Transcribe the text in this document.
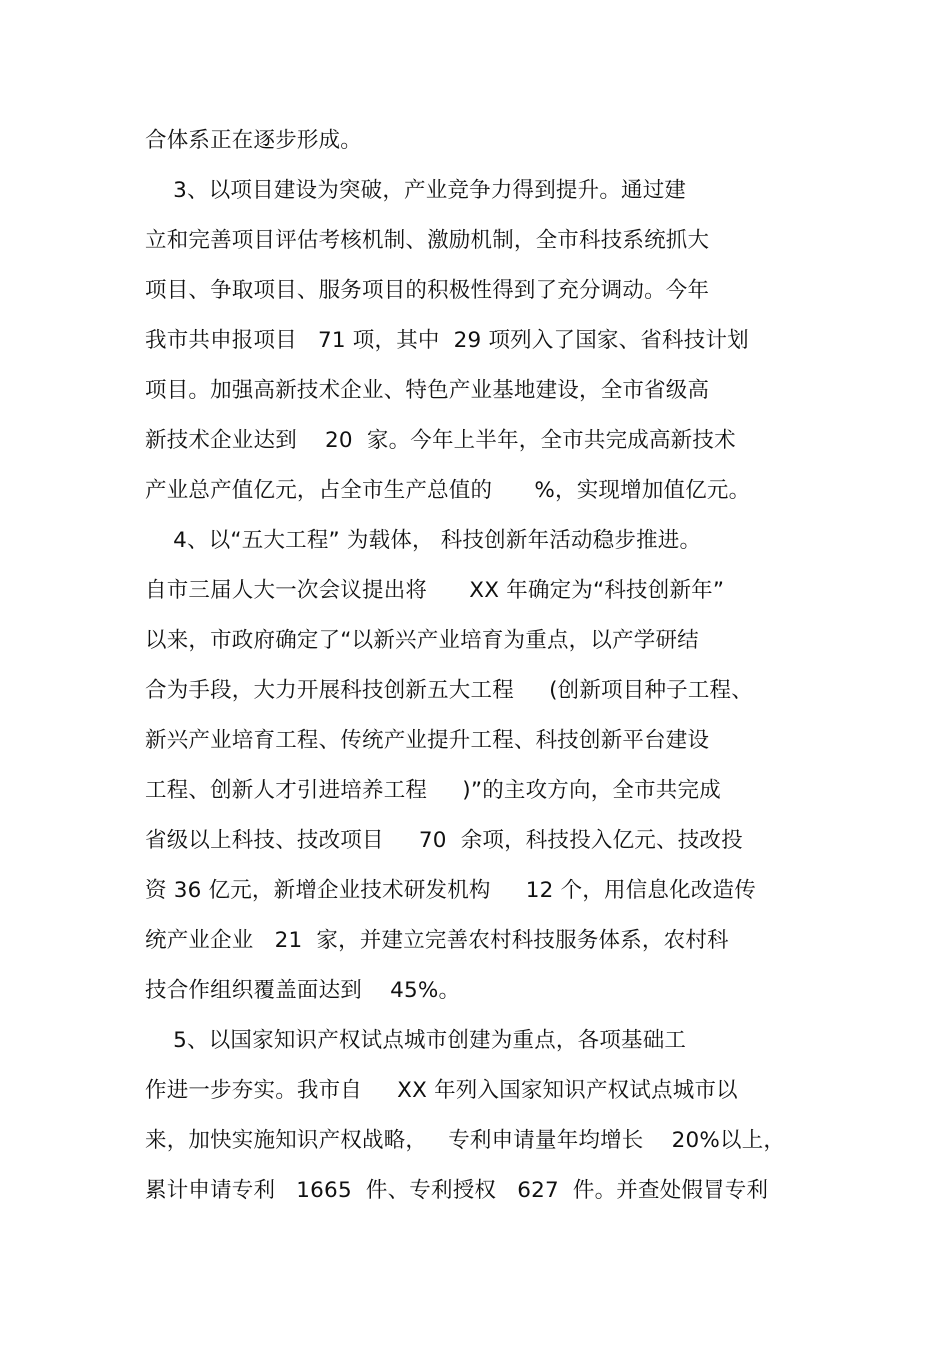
合体系正在逐步形成。
3、以项目建设为突破，产业竞争力得到提升。通过建
立和完善项目评估考核机制、激励机制，全市科技系统抓大
项目、争取项目、服务项目的积极性得到了充分调动。今年
我市共申报项目   71 项，其中  29 项列入了国家、省科技计划
项目。加强高新技术企业、特色产业基地建设，全市省级高
新技术企业达到    20  家。今年上半年，全市共完成高新技术
产业总产值亿元，占全市生产总值的      %，实现增加值亿元。
4、以“五大工程” 为载体， 科技创新年活动稳步推进。
自市三届人大一次会议提出将      XX 年确定为“科技创新年”
以来，市政府确定了“以新兴产业培育为重点，以产学研结
合为手段，大力开展科技创新五大工程     (创新项目种子工程、
新兴产业培育工程、传统产业提升工程、科技创新平台建设
工程、创新人才引进培养工程     )”的主攻方向，全市共完成
省级以上科技、技改项目     70  余项，科技投入亿元、技改投
资 36 亿元，新增企业技术研发机构     12 个，用信息化改造传
统产业企业   21  家，并建立完善农村科技服务体系，农村科
技合作组织覆盖面达到    45%。
5、以国家知识产权试点城市创建为重点，各项基础工
作进一步夯实。我市自     XX 年列入国家知识产权试点城市以
来，加快实施知识产权战略，   专利申请量年均增长    20%以上，
累计申请专利   1665  件、专利授权   627  件。并查处假冒专利
